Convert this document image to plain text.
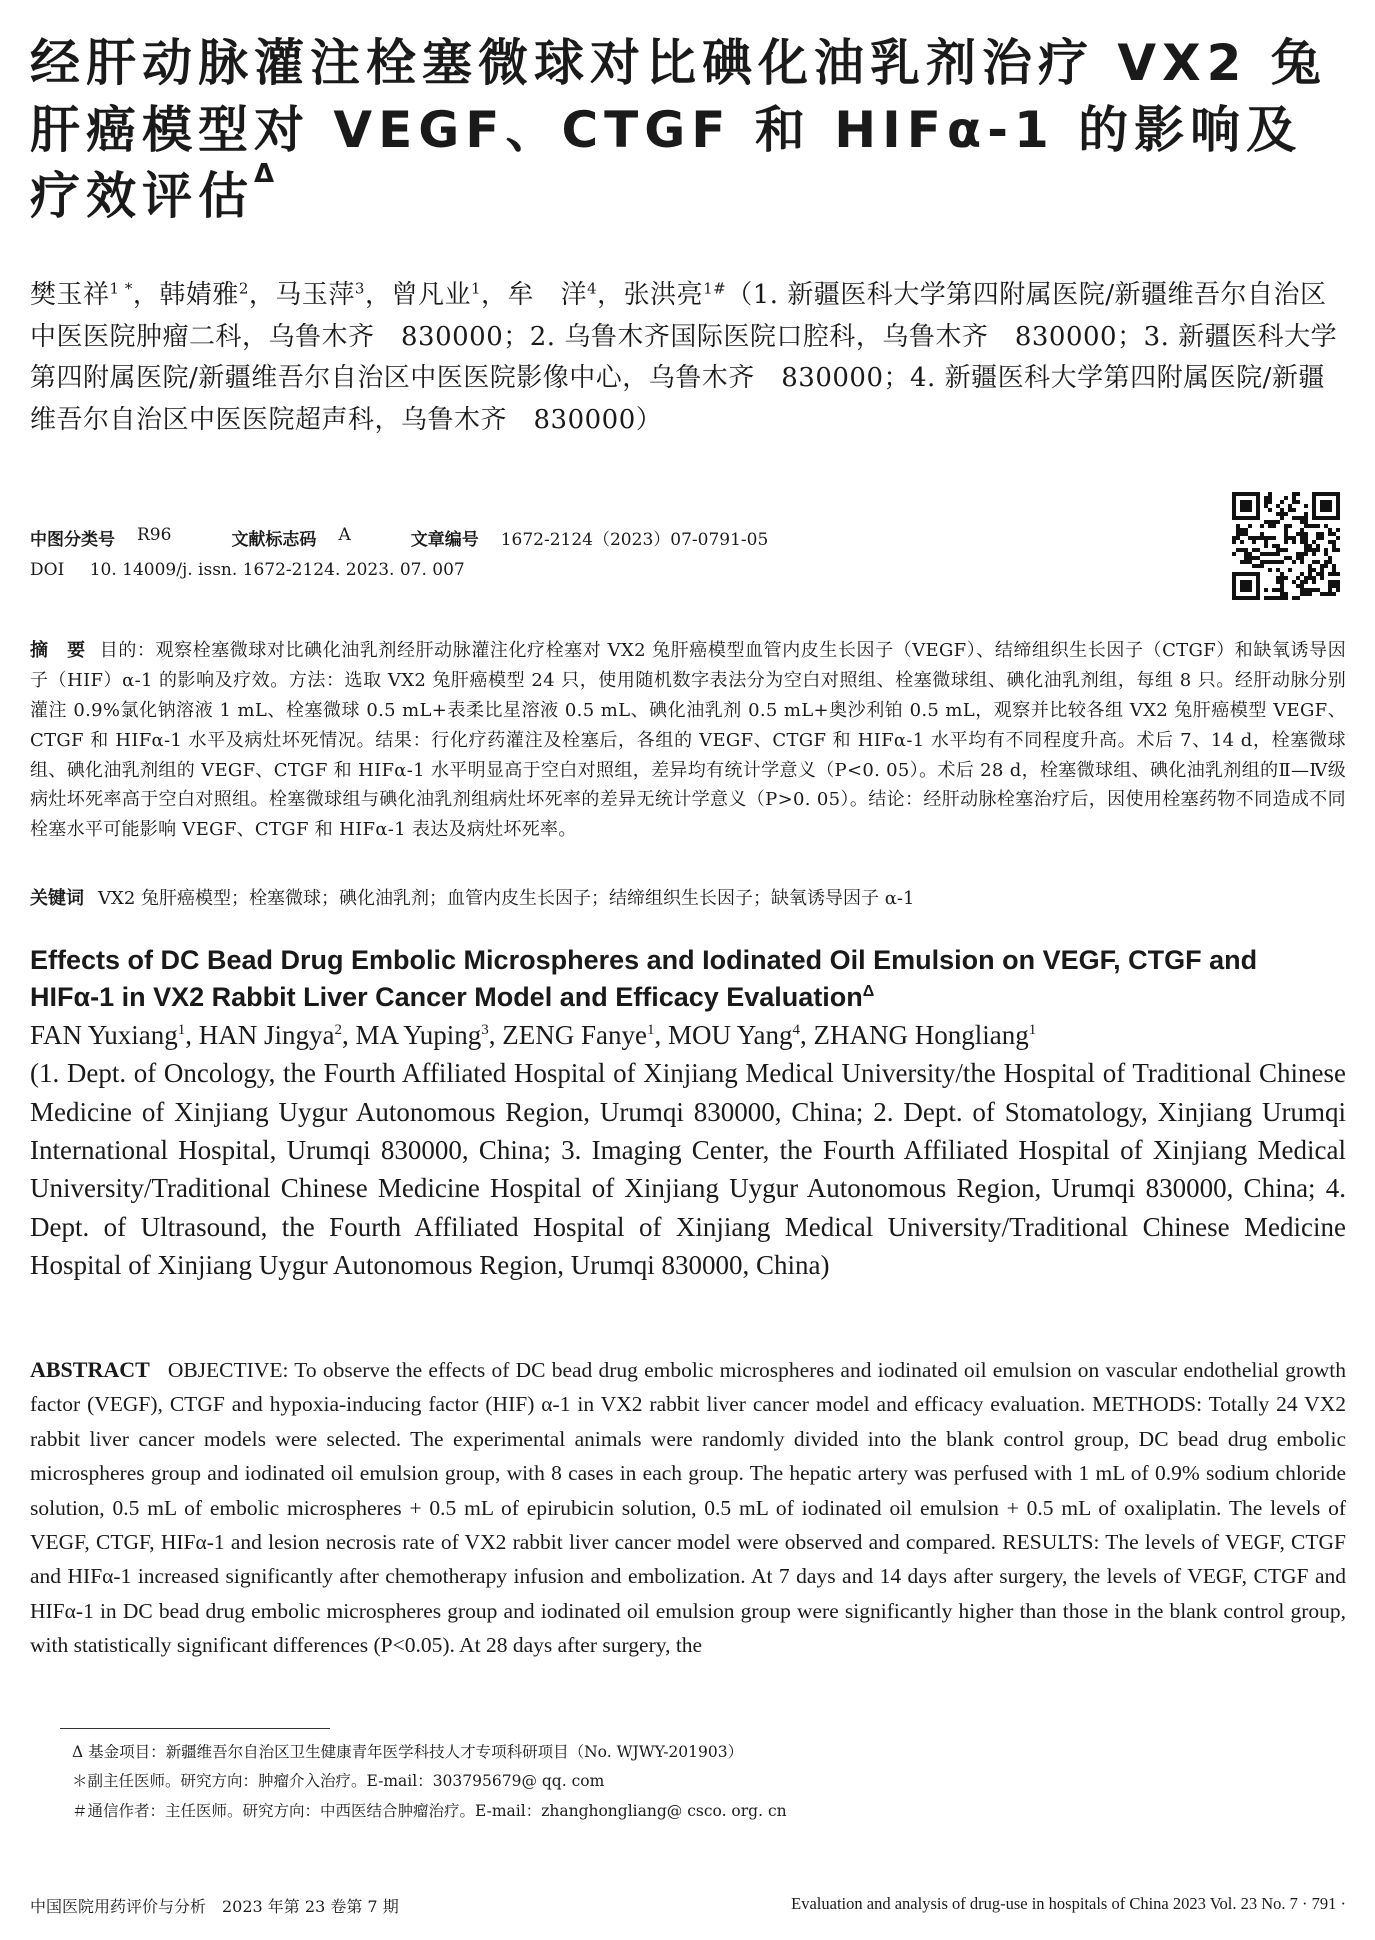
经肝动脉灌注栓塞微球对比碘化油乳剂治疗 VX2 兔肝癌模型对 VEGF、CTGF 和 HIFα-1 的影响及疗效评估$^\Delta$
樊玉祥$^{1 *}$，韩婧雅$^2$，马玉萍$^3$，曾凡业$^1$，牟　洋$^4$，张洪亮$^{1\#}$（1. 新疆医科大学第四附属医院/新疆维吾尔自治区中医医院肿瘤二科，乌鲁木齐　830000；2. 乌鲁木齐国际医院口腔科，乌鲁木齐　830000；3. 新疆医科大学第四附属医院/新疆维吾尔自治区中医医院影像中心，乌鲁木齐　830000；4. 新疆医科大学第四附属医院/新疆维吾尔自治区中医医院超声科，乌鲁木齐　830000）
中图分类号 R96	文献标志码 A	文章编号 1672-2124（2023）07-0791-05
DOI 10. 14009/j. issn. 1672-2124. 2023. 07. 007
摘　要 目的：观察栓塞微球对比碘化油乳剂经肝动脉灌注化疗栓塞对 VX2 兔肝癌模型血管内皮生长因子（VEGF）、结缔组织生长因子（CTGF）和缺氧诱导因子（HIF）α-1 的影响及疗效。方法：选取 VX2 兔肝癌模型 24 只，使用随机数字表法分为空白对照组、栓塞微球组、碘化油乳剂组，每组 8 只。经肝动脉分别灌注 0.9%氯化钠溶液 1 mL、栓塞微球 0.5 mL+表柔比星溶液 0.5 mL、碘化油乳剂 0.5 mL+奥沙利铂 0.5 mL，观察并比较各组 VX2 兔肝癌模型 VEGF、CTGF 和 HIFα-1 水平及病灶坏死情况。结果：行化疗药灌注及栓塞后，各组的 VEGF、CTGF 和 HIFα-1 水平均有不同程度升高。术后 7、14 d，栓塞微球组、碘化油乳剂组的 VEGF、CTGF 和 HIFα-1 水平明显高于空白对照组，差异均有统计学意义（P<0. 05）。术后 28 d，栓塞微球组、碘化油乳剂组的Ⅱ—Ⅳ级病灶坏死率高于空白对照组。栓塞微球组与碘化油乳剂组病灶坏死率的差异无统计学意义（P>0. 05）。结论：经肝动脉栓塞治疗后，因使用栓塞药物不同造成不同栓塞水平可能影响 VEGF、CTGF 和 HIFα-1 表达及病灶坏死率。
关键词 VX2 兔肝癌模型；栓塞微球；碘化油乳剂；血管内皮生长因子；结缔组织生长因子；缺氧诱导因子 α-1
Effects of DC Bead Drug Embolic Microspheres and Iodinated Oil Emulsion on VEGF, CTGF and HIFα-1 in VX2 Rabbit Liver Cancer Model and Efficacy Evaluation$^\Delta$
FAN Yuxiang$^1$, HAN Jingya$^2$, MA Yuping$^3$, ZENG Fanye$^1$, MOU Yang$^4$, ZHANG Hongliang$^1$
(1. Dept. of Oncology, the Fourth Affiliated Hospital of Xinjiang Medical University/the Hospital of Traditional Chinese Medicine of Xinjiang Uygur Autonomous Region, Urumqi 830000, China; 2. Dept. of Stomatology, Xinjiang Urumqi International Hospital, Urumqi 830000, China; 3. Imaging Center, the Fourth Affiliated Hospital of Xinjiang Medical University/Traditional Chinese Medicine Hospital of Xinjiang Uygur Autonomous Region, Urumqi 830000, China; 4. Dept. of Ultrasound, the Fourth Affiliated Hospital of Xinjiang Medical University/Traditional Chinese Medicine Hospital of Xinjiang Uygur Autonomous Region, Urumqi 830000, China)
ABSTRACT OBJECTIVE: To observe the effects of DC bead drug embolic microspheres and iodinated oil emulsion on vascular endothelial growth factor (VEGF), CTGF and hypoxia-inducing factor (HIF) α-1 in VX2 rabbit liver cancer model and efficacy evaluation. METHODS: Totally 24 VX2 rabbit liver cancer models were selected. The experimental animals were randomly divided into the blank control group, DC bead drug embolic microspheres group and iodinated oil emulsion group, with 8 cases in each group. The hepatic artery was perfused with 1 mL of 0.9% sodium chloride solution, 0.5 mL of embolic microspheres + 0.5 mL of epirubicin solution, 0.5 mL of iodinated oil emulsion + 0.5 mL of oxaliplatin. The levels of VEGF, CTGF, HIFα-1 and lesion necrosis rate of VX2 rabbit liver cancer model were observed and compared. RESULTS: The levels of VEGF, CTGF and HIFα-1 increased significantly after chemotherapy infusion and embolization. At 7 days and 14 days after surgery, the levels of VEGF, CTGF and HIFα-1 in DC bead drug embolic microspheres group and iodinated oil emulsion group were significantly higher than those in the blank control group, with statistically significant differences (P<0.05). At 28 days after surgery, the
Δ 基金项目：新疆维吾尔自治区卫生健康青年医学科技人才专项科研项目（No. WJWY-201903）
＊副主任医师。研究方向：肿瘤介入治疗。E-mail：303795679@ qq. com
＃通信作者：主任医师。研究方向：中西医结合肿瘤治疗。E-mail：zhanghongliang@ csco. org. cn
中国医院用药评价与分析　2023 年第 23 卷第 7 期	Evaluation and analysis of drug-use in hospitals of China 2023 Vol. 23 No. 7 · 791 ·
